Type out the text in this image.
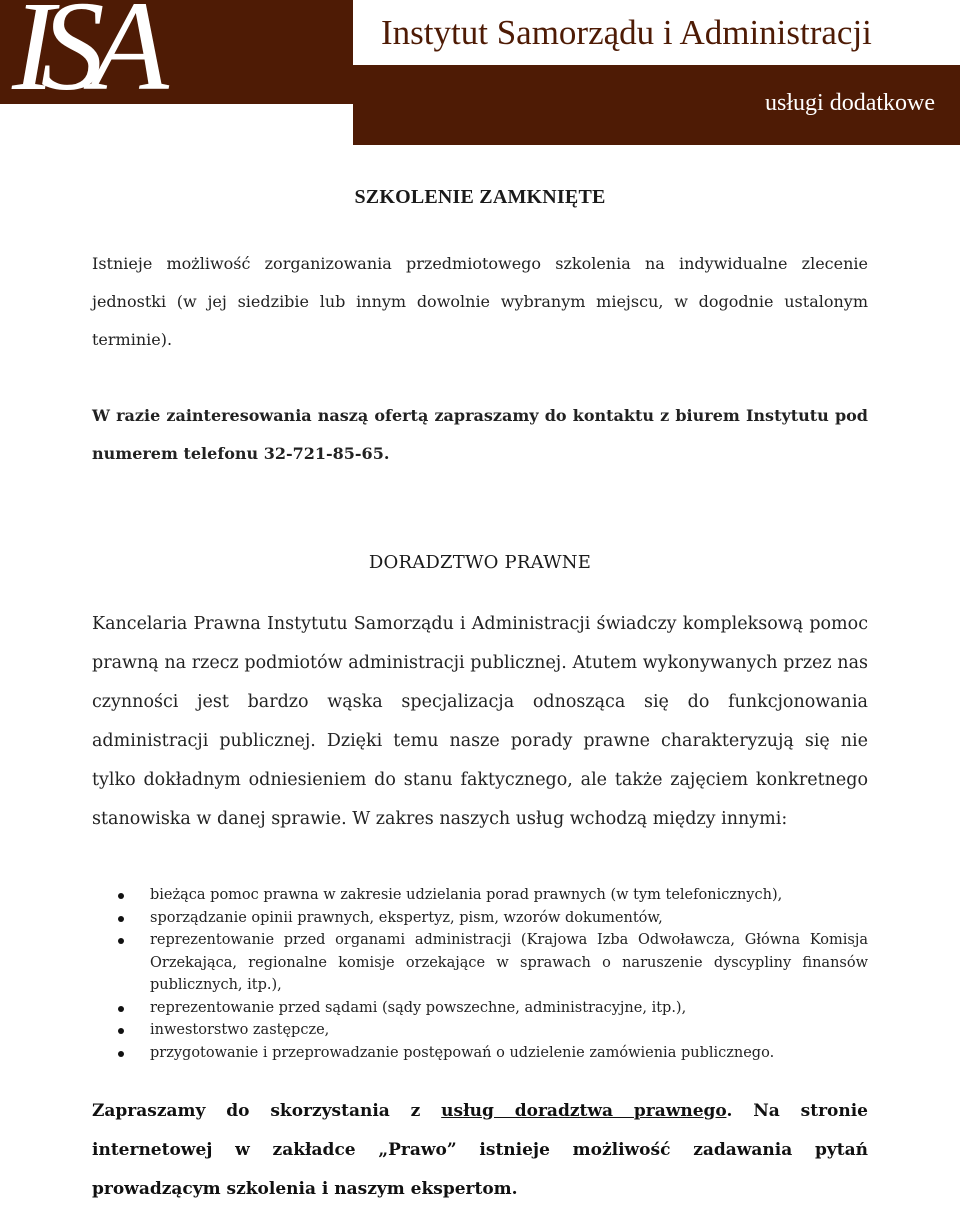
ISA	Instytut Samorządu i Administracji
usługi dodatkowe
SZKOLENIE ZAMKNIĘTE
Istnieje możliwość zorganizowania przedmiotowego szkolenia na indywidualne zlecenie jednostki (w jej siedzibie lub innym dowolnie wybranym miejscu, w dogodnie ustalonym terminie).
W razie zainteresowania naszą ofertą zapraszamy do kontaktu z biurem Instytutu pod numerem telefonu 32-721-85-65.
DORADZTWO PRAWNE
Kancelaria Prawna Instytutu Samorządu i Administracji świadczy kompleksową pomoc prawną na rzecz podmiotów administracji publicznej. Atutem wykonywanych przez nas czynności jest bardzo wąska specjalizacja odnosząca się do funkcjonowania administracji publicznej. Dzięki temu nasze porady prawne charakteryzują się nie tylko dokładnym odniesieniem do stanu faktycznego, ale także zajęciem konkretnego stanowiska w danej sprawie. W zakres naszych usług wchodzą między innymi:
bieżąca pomoc prawna w zakresie udzielania porad prawnych (w tym telefonicznych),
sporządzanie opinii prawnych, ekspertyz, pism, wzorów dokumentów,
reprezentowanie przed organami administracji (Krajowa Izba Odwoławcza, Główna Komisja Orzekająca, regionalne komisje orzekające w sprawach o naruszenie dyscypliny finansów publicznych, itp.),
reprezentowanie przed sądami (sądy powszechne, administracyjne, itp.),
inwestorstwo zastępcze,
przygotowanie i przeprowadzanie postępowań o udzielenie zamówienia publicznego.
Zapraszamy do skorzystania z usług doradztwa prawnego. Na stronie internetowej w zakładce „Prawo” istnieje możliwość zadawania pytań prowadzącym szkolenia i naszym ekspertom.
